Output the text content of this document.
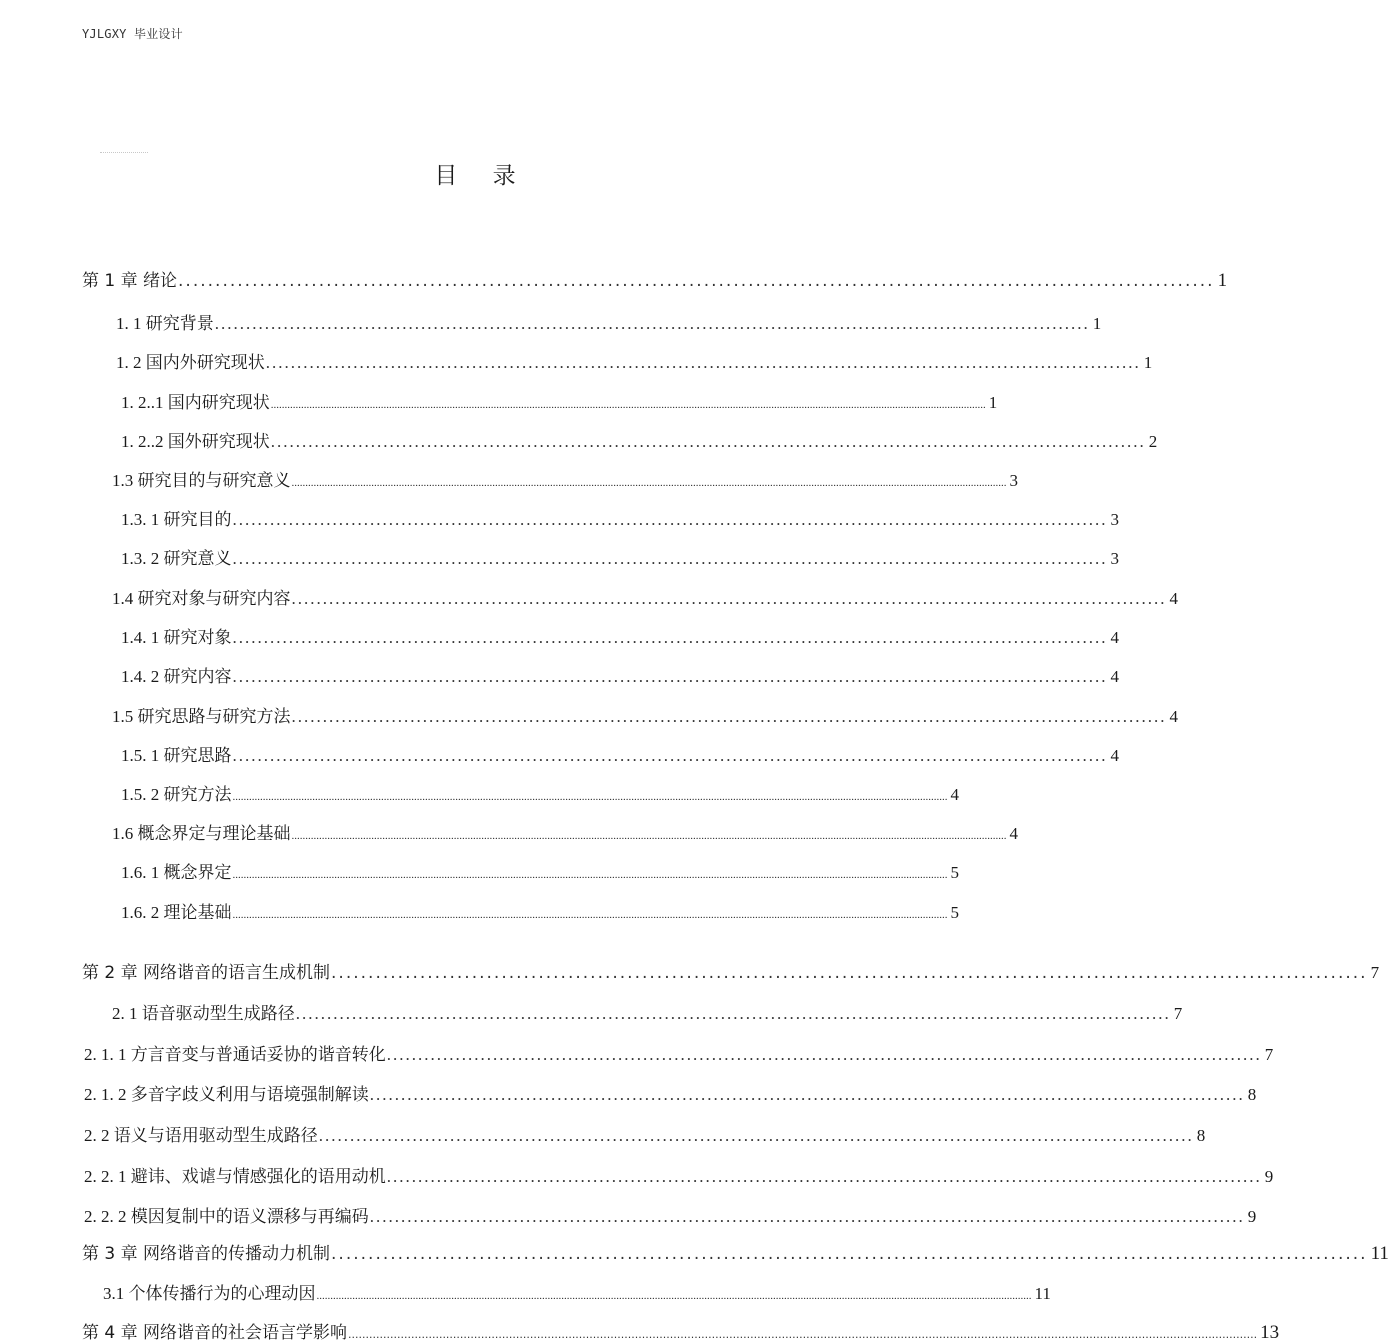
YJLGXY 毕业设计
目 录
第 1 章 绪论 ............................................................................................................................................ 1
1. 1 研究背景 ............................................................................................................................................ 1
1. 2 国内外研究现状 ............................................................................................................................................ 1
1. 2..1 国内研究现状 .................................................................................................................................................................................................................................................................... 1
1. 2..2 国外研究现状 ............................................................................................................................................ 2
1.3 研究目的与研究意义 .................................................................................................................................................................................................................................................................... 3
1.3. 1 研究目的 ............................................................................................................................................ 3
1.3. 2 研究意义 ............................................................................................................................................ 3
1.4 研究对象与研究内容 ............................................................................................................................................ 4
1.4. 1 研究对象 ............................................................................................................................................ 4
1.4. 2 研究内容 ............................................................................................................................................ 4
1.5 研究思路与研究方法 ............................................................................................................................................ 4
1.5. 1 研究思路 ............................................................................................................................................ 4
1.5. 2 研究方法 .................................................................................................................................................................................................................................................................... 4
1.6 概念界定与理论基础 .................................................................................................................................................................................................................................................................... 4
1.6. 1 概念界定 .................................................................................................................................................................................................................................................................... 5
1.6. 2 理论基础 .................................................................................................................................................................................................................................................................... 5
第 2 章 网络谐音的语言生成机制 ............................................................................................................................................ 7
2. 1 语音驱动型生成路径 ............................................................................................................................................ 7
2. 1. 1 方言音变与普通话妥协的谐音转化 ............................................................................................................................................ 7
2. 1. 2 多音字歧义利用与语境强制解读 ............................................................................................................................................ 8
2. 2 语义与语用驱动型生成路径 ............................................................................................................................................ 8
2. 2. 1 避讳、戏谑与情感强化的语用动机 ............................................................................................................................................ 9
2. 2. 2 模因复制中的语义漂移与再编码 ............................................................................................................................................ 9
第 3 章 网络谐音的传播动力机制 ............................................................................................................................................ 11
3.1 个体传播行为的心理动因 .................................................................................................................................................................................................................................................................... 11
第 4 章 网络谐音的社会语言学影响 .................................................................................................................................................................................................................................................................... 13
